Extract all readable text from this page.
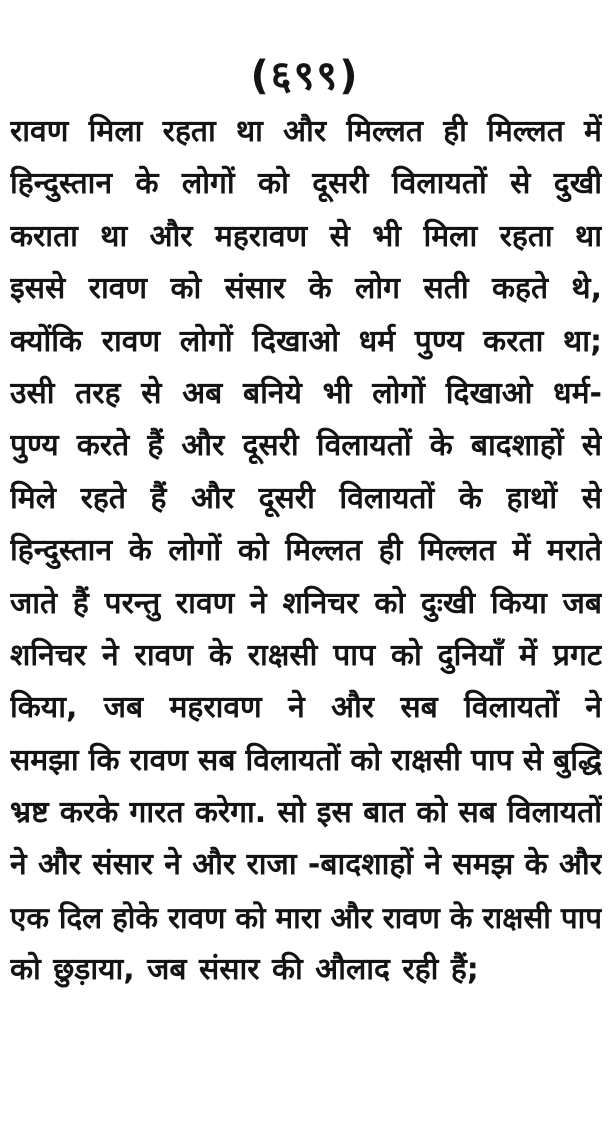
(६९९)
रावण मिला रहता था और मिल्लत ही मिल्लत में
हिन्दुस्तान के लोगों को दूसरी विलायतों से दुखी
कराता था और महरावण से भी मिला रहता था
इससे रावण को संसार के लोग सती कहते थे,
क्योंकि रावण लोगों दिखाओ धर्म पुण्य करता था;
उसी तरह से अब बनिये भी लोगों दिखाओ धर्म-
पुण्य करते हैं और दूसरी विलायतों के बादशाहों से
मिले रहते हैं और दूसरी विलायतों के हाथों से
हिन्दुस्तान के लोगों को मिल्लत ही मिल्लत में मराते
जाते हैं परन्तु रावण ने शनिचर को दुःखी किया जब
शनिचर ने रावण के राक्षसी पाप को दुनियाँ में प्रगट
किया, जब महरावण ने और सब विलायतों ने
समझा कि रावण सब विलायतों को राक्षसी पाप से बुद्धि
भ्रष्ट करके गारत करेगा. सो इस बात को सब विलायतों
ने और संसार ने और राजा -बादशाहों ने समझ के और
एक दिल होके रावण को मारा और रावण के राक्षसी पाप
को छुड़ाया, जब संसार की औलाद रही हैं;
